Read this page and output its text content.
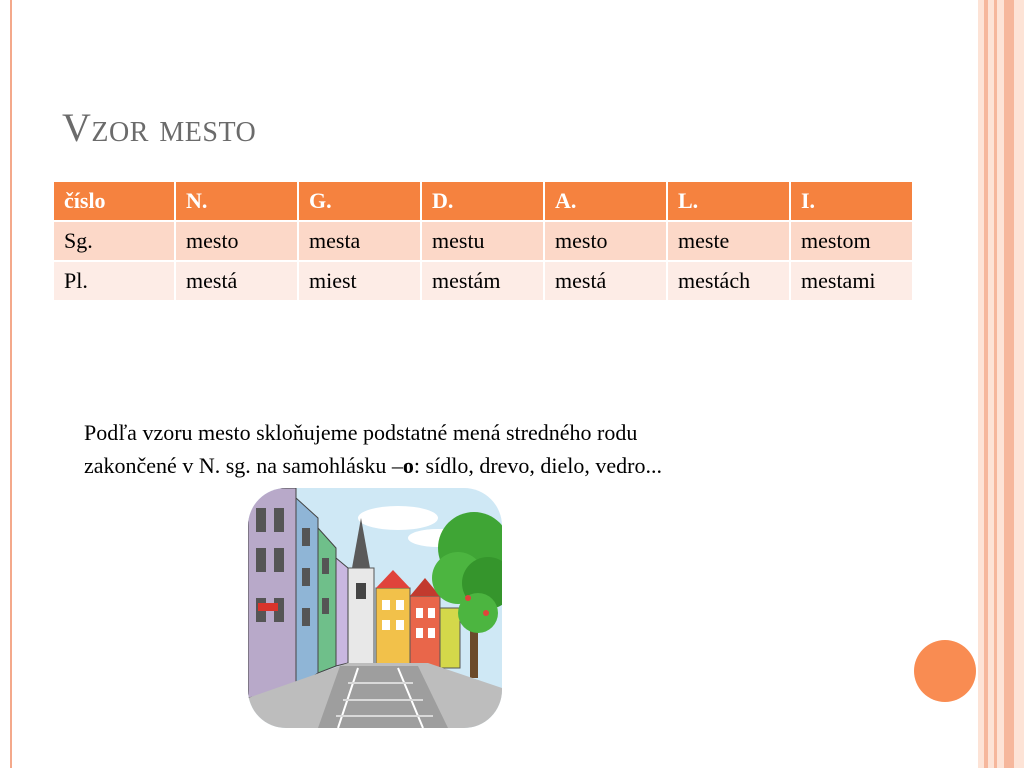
Vzor mesto
číslo	N.	G.	D.	A.	L.	I.
Sg.	mesto	mesta	mestu	mesto	meste	mestom
Pl.	mestá	miest	mestám	mestá	mestách	mestami
Podľa vzoru mesto skloňujeme podstatné mená stredného rodu
zakončené v N. sg. na samohlásku –o: sídlo, drevo, dielo, vedro...
